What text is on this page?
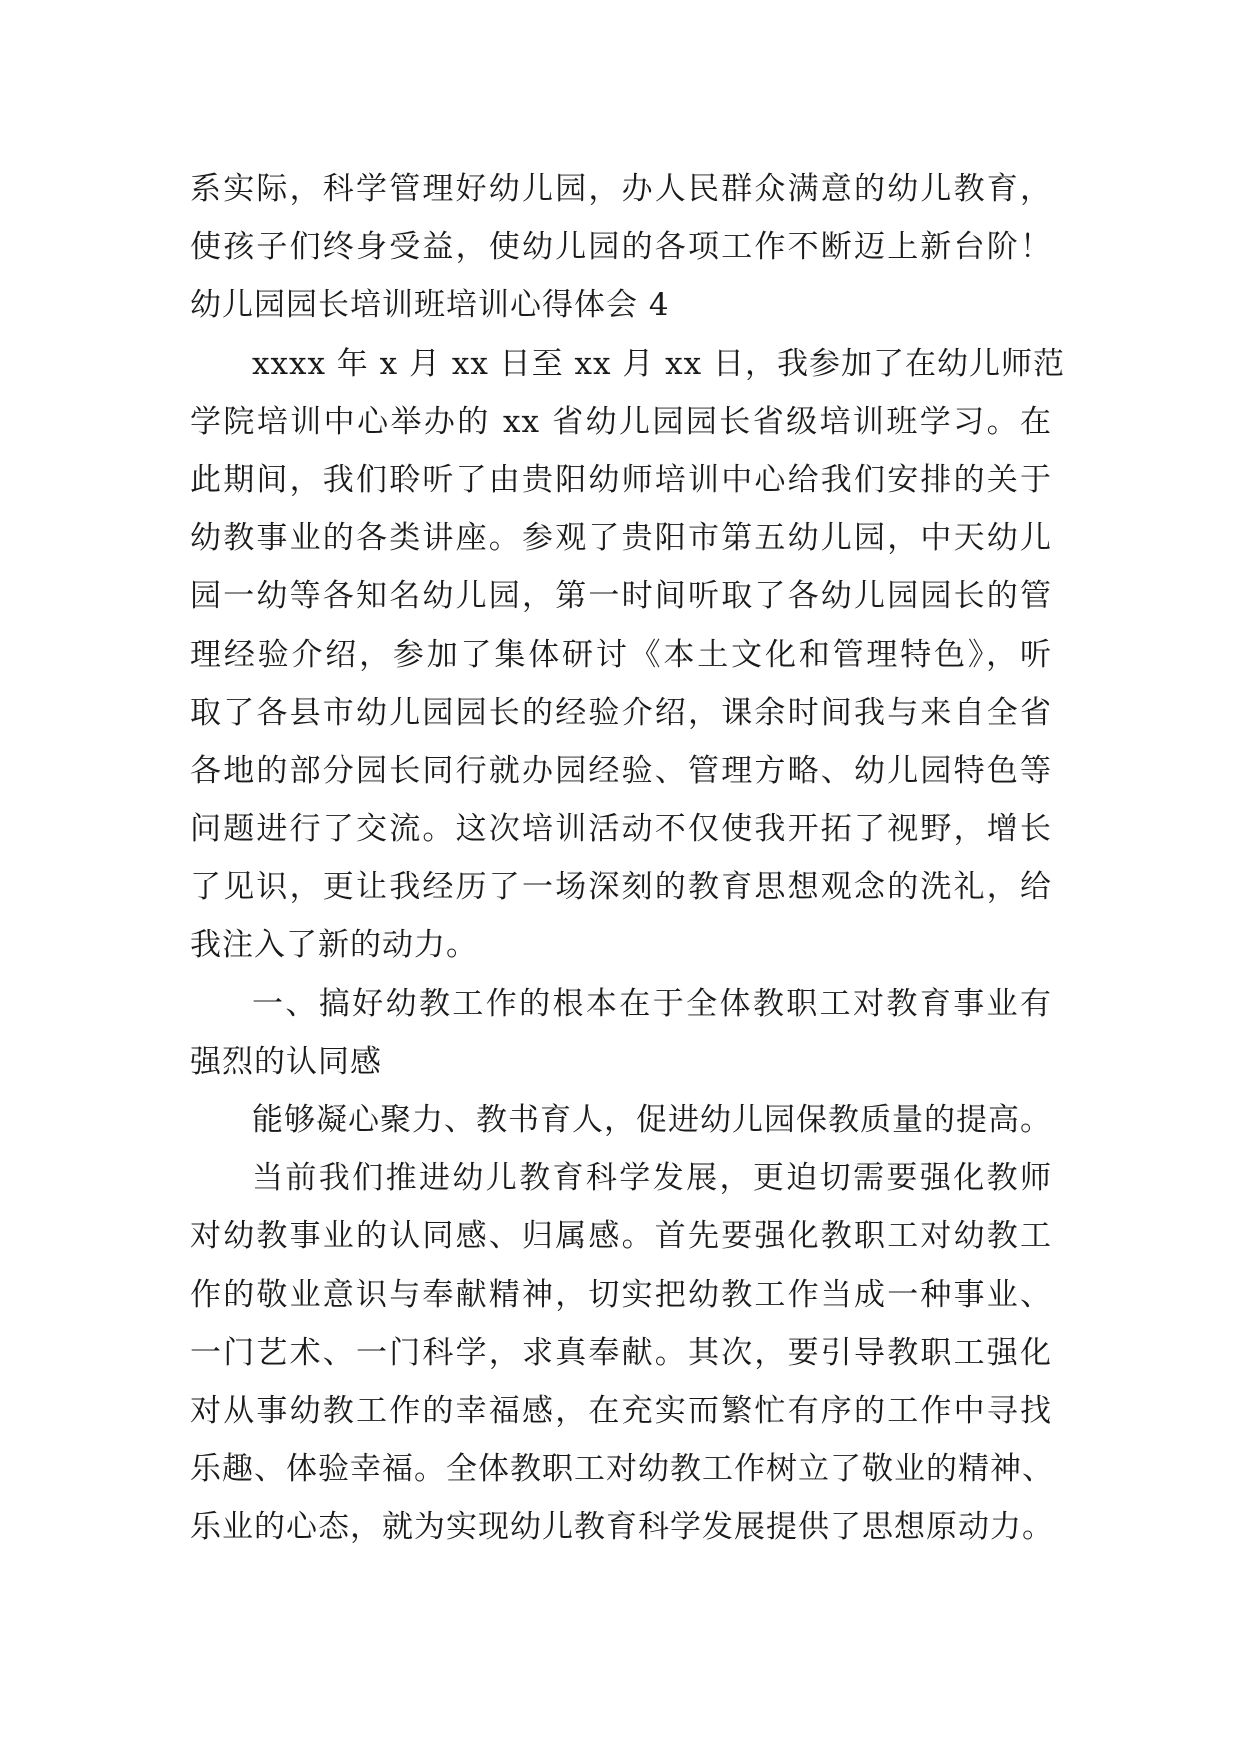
系实际，科学管理好幼儿园，办人民群众满意的幼儿教育，

使孩子们终身受益，使幼儿园的各项工作不断迈上新台阶！

幼儿园园长培训班培训心得体会 4

xxxx 年 x 月 xx 日至 xx 月 xx 日，我参加了在幼儿师范

学院培训中心举办的 xx 省幼儿园园长省级培训班学习。在

此期间，我们聆听了由贵阳幼师培训中心给我们安排的关于

幼教事业的各类讲座。参观了贵阳市第五幼儿园，中天幼儿

园一幼等各知名幼儿园，第一时间听取了各幼儿园园长的管

理经验介绍，参加了集体研讨《本土文化和管理特色》，听

取了各县市幼儿园园长的经验介绍，课余时间我与来自全省

各地的部分园长同行就办园经验、管理方略、幼儿园特色等

问题进行了交流。这次培训活动不仅使我开拓了视野，增长

了见识，更让我经历了一场深刻的教育思想观念的洗礼，给

我注入了新的动力。

一、搞好幼教工作的根本在于全体教职工对教育事业有

强烈的认同感

能够凝心聚力、教书育人，促进幼儿园保教质量的提高。

当前我们推进幼儿教育科学发展，更迫切需要强化教师

对幼教事业的认同感、归属感。首先要强化教职工对幼教工

作的敬业意识与奉献精神，切实把幼教工作当成一种事业、

一门艺术、一门科学，求真奉献。其次，要引导教职工强化

对从事幼教工作的幸福感，在充实而繁忙有序的工作中寻找

乐趣、体验幸福。全体教职工对幼教工作树立了敬业的精神、

乐业的心态，就为实现幼儿教育科学发展提供了思想原动力。
